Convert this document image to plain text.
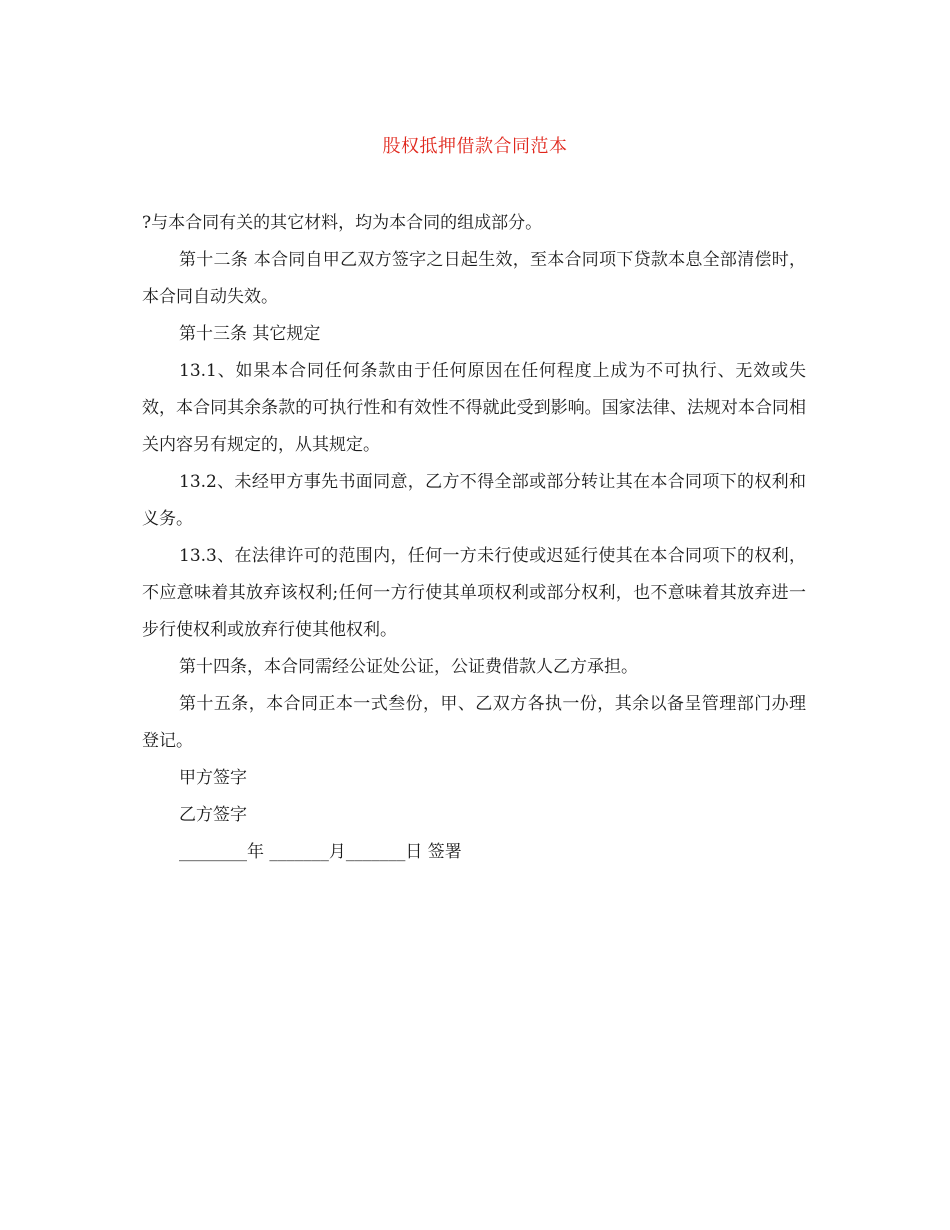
股权抵押借款合同范本

?与本合同有关的其它材料，均为本合同的组成部分。

第十二条 本合同自甲乙双方签字之日起生效，至本合同项下贷款本息全部清偿时，本合同自动失效。

第十三条 其它规定

13.1、如果本合同任何条款由于任何原因在任何程度上成为不可执行、无效或失效，本合同其余条款的可执行性和有效性不得就此受到影响。国家法律、法规对本合同相关内容另有规定的，从其规定。

13.2、未经甲方事先书面同意，乙方不得全部或部分转让其在本合同项下的权利和义务。

13.3、在法律许可的范围内，任何一方未行使或迟延行使其在本合同项下的权利，不应意味着其放弃该权利;任何一方行使其单项权利或部分权利，也不意味着其放弃进一步行使权利或放弃行使其他权利。

第十四条，本合同需经公证处公证，公证费借款人乙方承担。

第十五条，本合同正本一式叁份，甲、乙双方各执一份，其余以备呈管理部门办理登记。

甲方签字

乙方签字

________年 _______月_______日 签署
